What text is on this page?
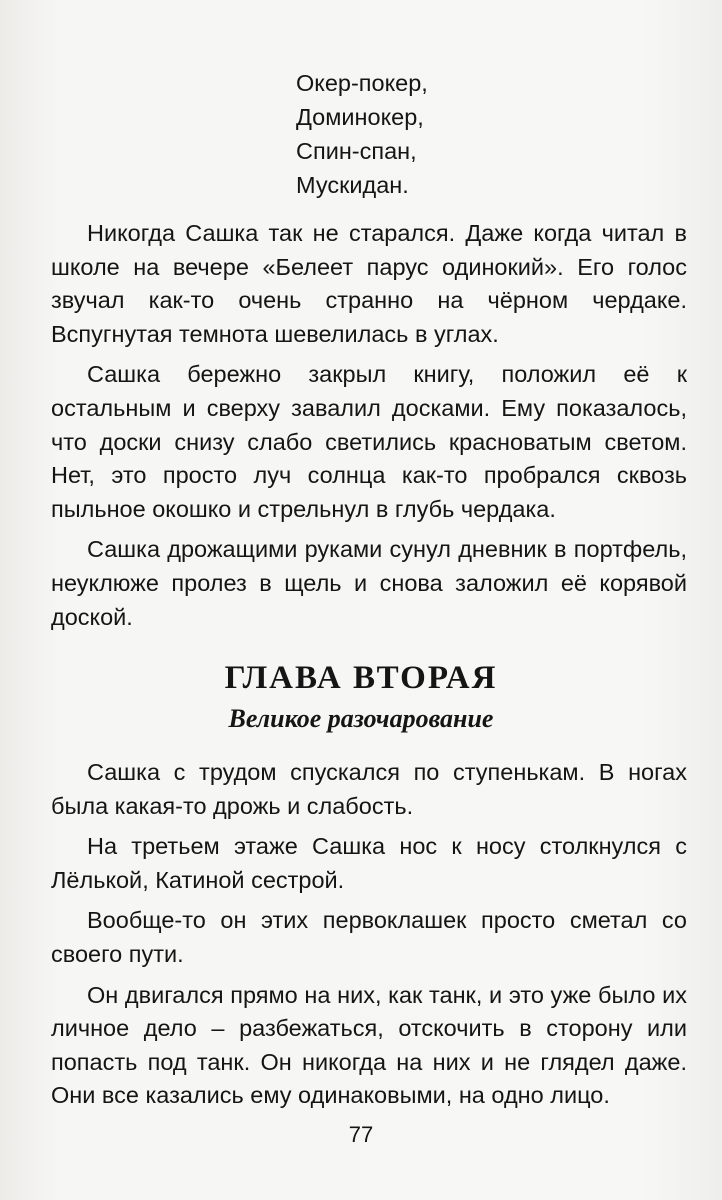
Окер-покер,
Доминокер,
Спин-спан,
Мускидан.

Никогда Сашка так не старался. Даже когда читал в школе на вечере «Белеет парус одинокий». Его голос звучал как-то очень странно на чёрном чердаке. Вспугнутая темнота шевелилась в углах.

Сашка бережно закрыл книгу, положил её к остальным и сверху завалил досками. Ему показалось, что доски снизу слабо светились красноватым светом. Нет, это просто луч солнца как-то пробрался сквозь пыльное окошко и стрельнул в глубь чердака.

Сашка дрожащими руками сунул дневник в портфель, неуклюже пролез в щель и снова заложил её корявой доской.

ГЛАВА ВТОРАЯ
Великое разочарование

Сашка с трудом спускался по ступенькам. В ногах была какая-то дрожь и слабость.

На третьем этаже Сашка нос к носу столкнулся с Лёлькой, Катиной сестрой.

Вообще-то он этих первоклашек просто сметал со своего пути.

Он двигался прямо на них, как танк, и это уже было их личное дело – разбежаться, отскочить в сторону или попасть под танк. Он никогда на них и не глядел даже. Они все казались ему одинаковыми, на одно лицо.

77
